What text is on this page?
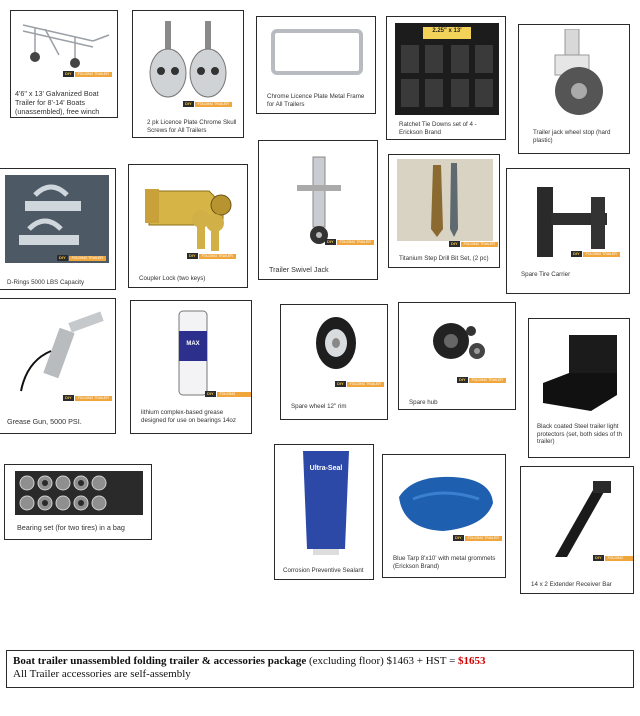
DIY	FOLDING TRAILER
4'6" x 13' Galvanized Boat Trailer for 8'-14' Boats (unassembled), free winch
DIY	FOLDING TRAILER
2 pk Licence Plate Chrome Skull Screws for All Trailers
Chrome Licence Plate Metal Frame for All Trailers
2.25" x 13'
Ratchet Tie Downs set of 4 - Erickson Brand	Trailer jack wheel stop (hard plastic)
DIY	FOLDING TRAILER
D-Rings 5000 LBS Capacity
DIY	FOLDING TRAILER
Coupler Lock (two keys)
DIY	FOLDING TRAILER
Trailer Swivel Jack
DIY	FOLDING TRAILER
Titanium Step Drill Bit Set, (2 pc)
DIY	FOLDING TRAILER
Spare Tire Carrier
DIY	FOLDING TRAILER
Grease Gun, 5000 PSI.
MAX
DIY	FOLDING TRAILER
lithium complex-based grease designed for use on bearings 14oz
DIY	FOLDING TRAILER
Spare wheel 12" rim
DIY	FOLDING TRAILER
Spare hub
Black coated Steel trailer light protectors (set, both sides of th trailer)
Bearing set (for two tires) in a bag
Ultra-Seal
Corrosion Preventive Sealant
DIY	FOLDING TRAILER
Blue Tarp 8'x10' with metal grommets (Erickson Brand)
DIY	FOLDING TRAILER
14 x 2 Extender Receiver Bar
Boat trailer unassembled folding trailer & accessories package (excluding floor) $1463 + HST = $1653
All Trailer accessories are self-assembly
